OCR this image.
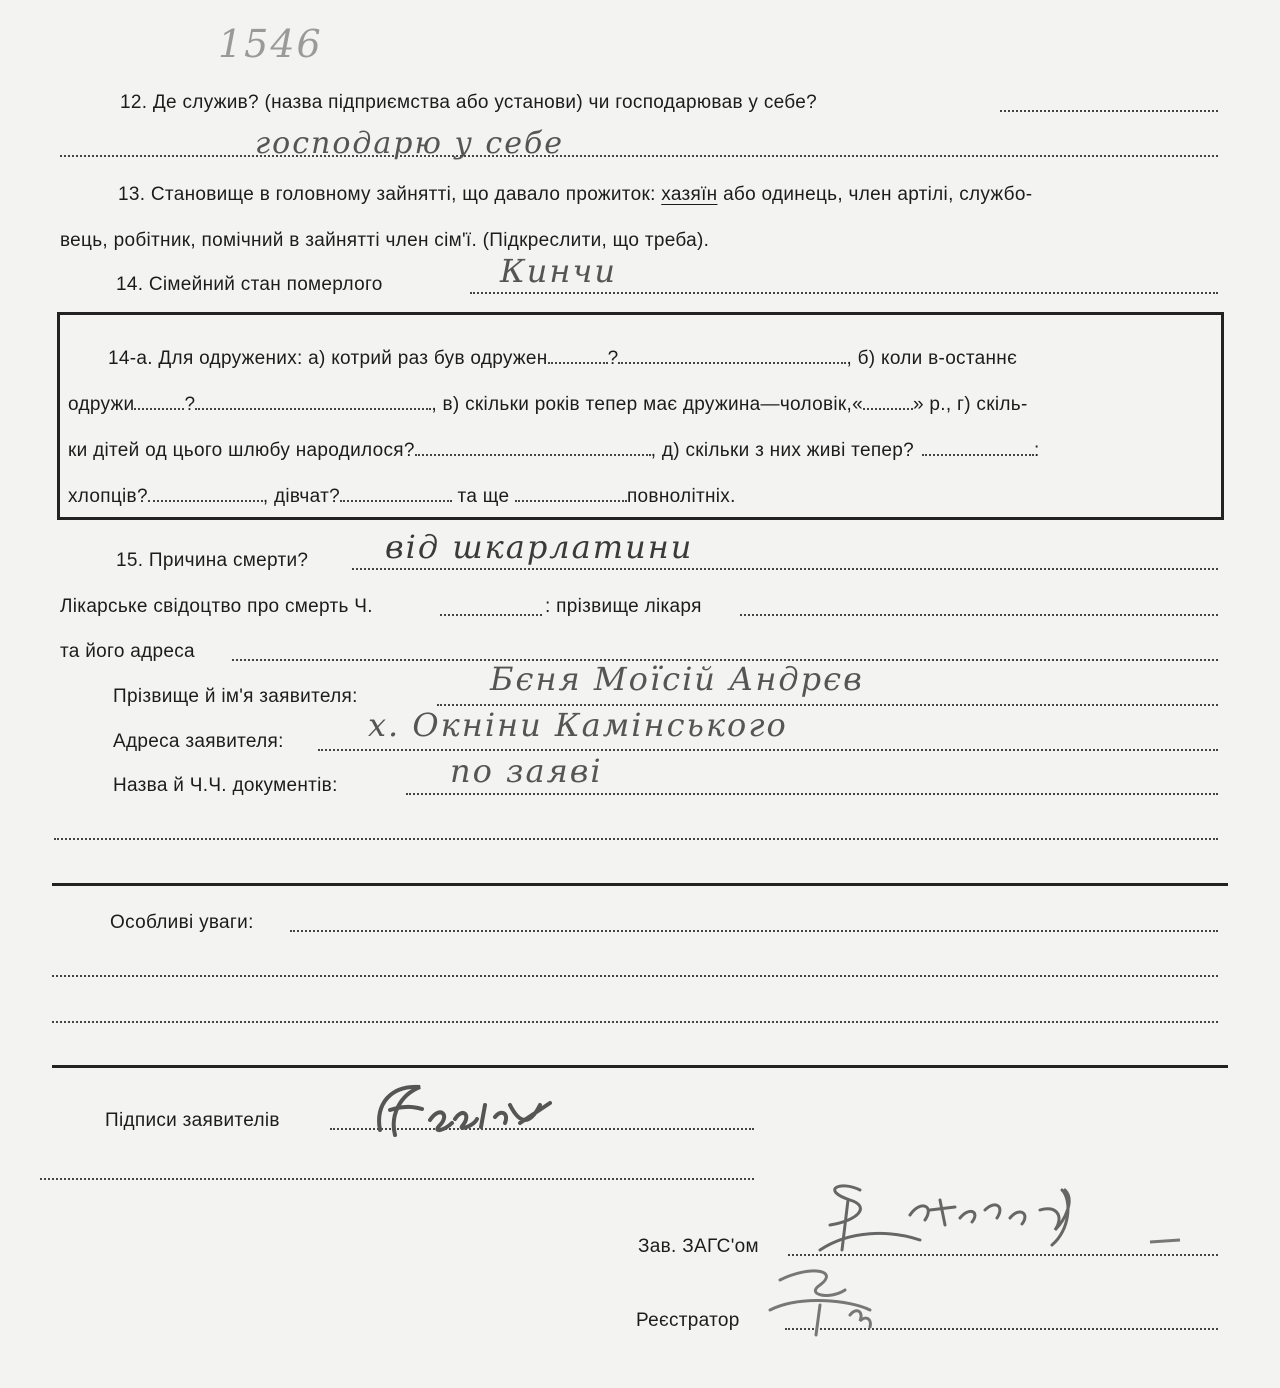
1546
12. Де служив? (назва підприємства або установи) чи господарював у себе?
господарю у себе
13. Становище в головному зайнятті, що давало прожиток: хазяїн або одинець, член артілі, службо-
вець, робітник, помічний в зайнятті член сім'ї. (Підкреслити, що треба).
14. Сімейний стан померлого	Кинчи
14-а. Для одружених: а) котрий раз був одружен	?	, б) коли в-останнє
одружи	?	, в) скільки років тепер має дружина—чоловік,«	» р., г) скіль-
ки дітей од цього шлюбу народилося?	, д) скільки з них живі тепер?	:
хлопців?	, дівчат?	та ще	повнолітніх.
15. Причина смерти? від шкарлатини
Лікарське свідоцтво про смерть Ч.	: прізвище лікаря
та його адреса
Прізвище й ім'я заявителя:	Бєня Моїсій Андрєв
Адреса заявителя:	х. Окніни Камінського
Назва й Ч.Ч. документів:	по заяві
Особливі уваги:
Підписи заявителів
Зав. ЗАГС'ом
Реєстратор
